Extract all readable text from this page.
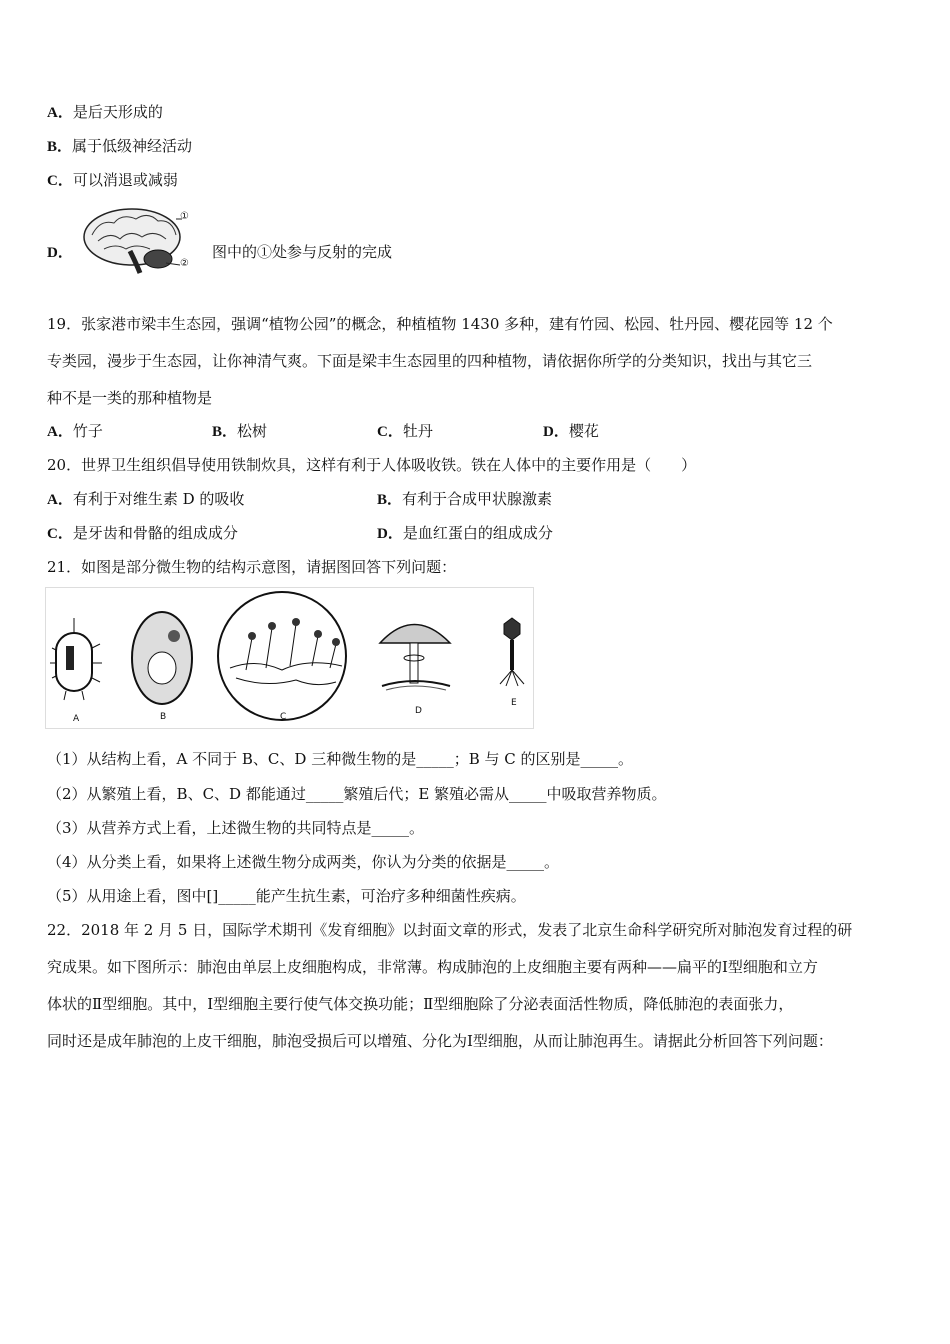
A．是后天形成的
B．属于低级神经活动
C．可以消退或减弱
D．
①
②
图中的①处参与反射的完成
19．张家港市梁丰生态园，强调“植物公园”的概念，种植植物 1430 多种，建有竹园、松园、牡丹园、樱花园等 12 个
专类园，漫步于生态园，让你神清气爽。下面是梁丰生态园里的四种植物，请依据你所学的分类知识，找出与其它三
种不是一类的那种植物是
A．竹子	B．松树	C．牡丹	D．樱花
20．世界卫生组织倡导使用铁制炊具，这样有利于人体吸收铁。铁在人体中的主要作用是（　　）
A．有利于对维生素 D 的吸收	B．有利于合成甲状腺激素
C．是牙齿和骨骼的组成成分	D．是血红蛋白的组成成分
21．如图是部分微生物的结构示意图，请据图回答下列问题：
A	B	C
D
E
（1）从结构上看，A 不同于 B、C、D 三种微生物的是_____；B 与 C 的区别是_____。
（2）从繁殖上看，B、C、D 都能通过_____繁殖后代；E 繁殖必需从_____中吸取营养物质。
（3）从营养方式上看，上述微生物的共同特点是_____。
（4）从分类上看，如果将上述微生物分成两类，你认为分类的依据是_____。
（5）从用途上看，图中[]_____能产生抗生素，可治疗多种细菌性疾病。
22．2018 年 2 月 5 日，国际学术期刊《发育细胞》以封面文章的形式，发表了北京生命科学研究所对肺泡发育过程的研
究成果。如下图所示：肺泡由单层上皮细胞构成，非常薄。构成肺泡的上皮细胞主要有两种——扁平的Ⅰ型细胞和立方
体状的Ⅱ型细胞。其中，Ⅰ型细胞主要行使气体交换功能；Ⅱ型细胞除了分泌表面活性物质，降低肺泡的表面张力，
同时还是成年肺泡的上皮干细胞，肺泡受损后可以增殖、分化为Ⅰ型细胞，从而让肺泡再生。请据此分析回答下列问题：
